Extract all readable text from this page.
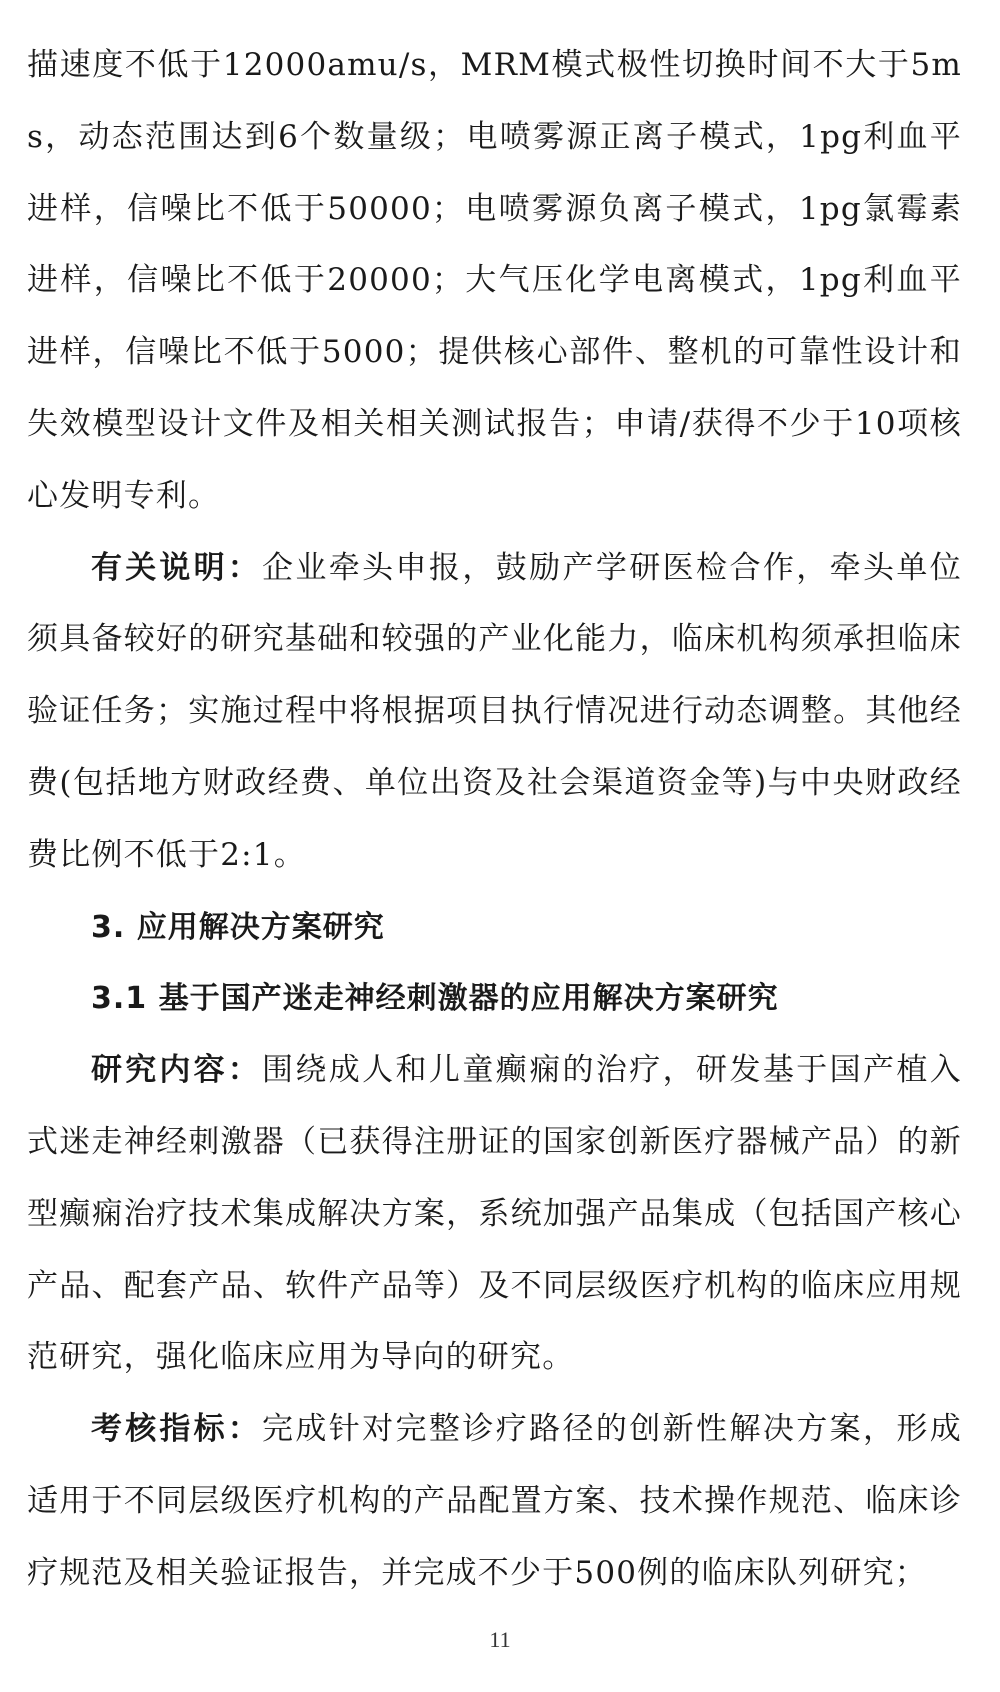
描速度不低于12000amu/s，MRM模式极性切换时间不大于5ms，动态范围达到6个数量级；电喷雾源正离子模式，1pg利血平进样，信噪比不低于50000；电喷雾源负离子模式，1pg氯霉素进样，信噪比不低于20000；大气压化学电离模式，1pg利血平进样，信噪比不低于5000；提供核心部件、整机的可靠性设计和失效模型设计文件及相关相关测试报告；申请/获得不少于10项核心发明专利。

有关说明：企业牵头申报，鼓励产学研医检合作，牵头单位须具备较好的研究基础和较强的产业化能力，临床机构须承担临床验证任务；实施过程中将根据项目执行情况进行动态调整。其他经费(包括地方财政经费、单位出资及社会渠道资金等)与中央财政经费比例不低于2:1。

3. 应用解决方案研究
3.1 基于国产迷走神经刺激器的应用解决方案研究

研究内容：围绕成人和儿童癫痫的治疗，研发基于国产植入式迷走神经刺激器（已获得注册证的国家创新医疗器械产品）的新型癫痫治疗技术集成解决方案，系统加强产品集成（包括国产核心产品、配套产品、软件产品等）及不同层级医疗机构的临床应用规范研究，强化临床应用为导向的研究。

考核指标：完成针对完整诊疗路径的创新性解决方案，形成适用于不同层级医疗机构的产品配置方案、技术操作规范、临床诊疗规范及相关验证报告，并完成不少于500例的临床队列研究；

11
